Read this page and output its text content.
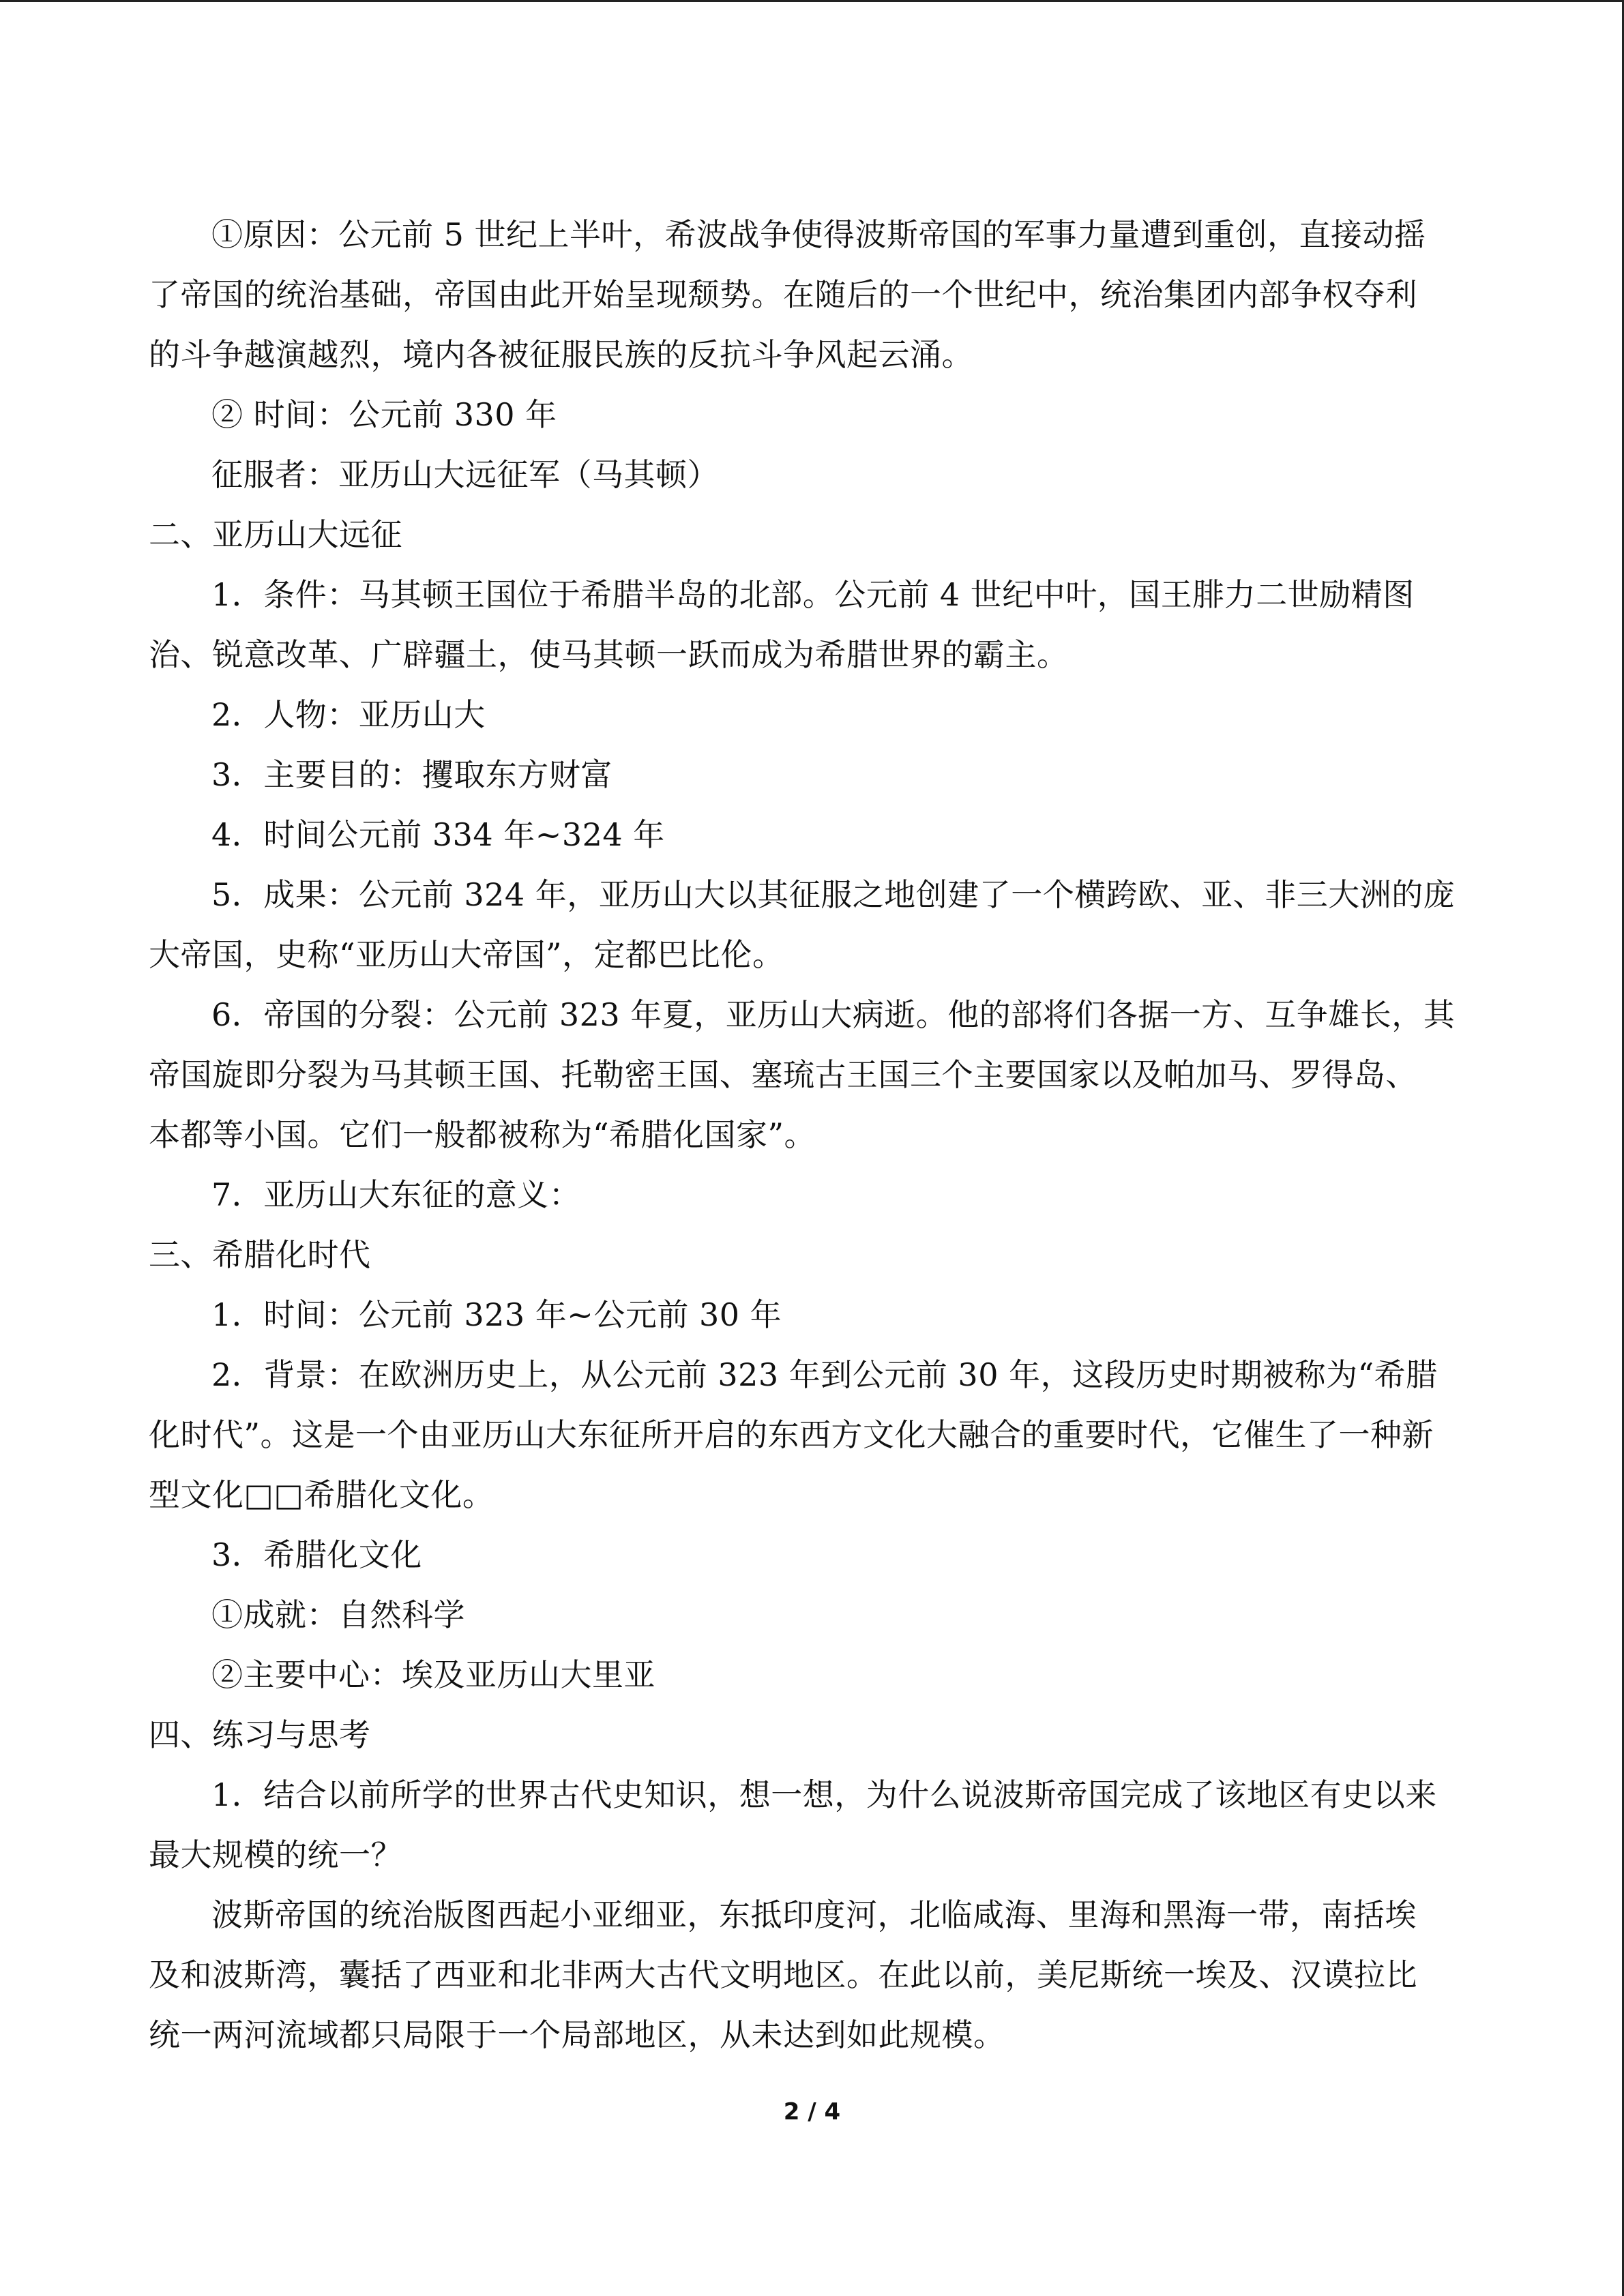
①原因：公元前 5 世纪上半叶，希波战争使得波斯帝国的军事力量遭到重创，直接动摇
了帝国的统治基础，帝国由此开始呈现颓势。在随后的一个世纪中，统治集团内部争权夺利
的斗争越演越烈，境内各被征服民族的反抗斗争风起云涌。
② 时间：公元前 330 年
征服者：亚历山大远征军（马其顿）
二、亚历山大远征
1．条件：马其顿王国位于希腊半岛的北部。公元前 4 世纪中叶，国王腓力二世励精图
治、锐意改革、广辟疆土，使马其顿一跃而成为希腊世界的霸主。
2．人物：亚历山大
3．主要目的：攫取东方财富
4．时间公元前 334 年~324 年
5．成果：公元前 324 年，亚历山大以其征服之地创建了一个横跨欧、亚、非三大洲的庞
大帝国，史称“亚历山大帝国”，定都巴比伦。
6．帝国的分裂：公元前 323 年夏，亚历山大病逝。他的部将们各据一方、互争雄长，其
帝国旋即分裂为马其顿王国、托勒密王国、塞琉古王国三个主要国家以及帕加马、罗得岛、
本都等小国。它们一般都被称为“希腊化国家”。
7．亚历山大东征的意义：
三、希腊化时代
1．时间：公元前 323 年~公元前 30 年
2．背景：在欧洲历史上，从公元前 323 年到公元前 30 年，这段历史时期被称为“希腊
化时代”。这是一个由亚历山大东征所开启的东西方文化大融合的重要时代，它催生了一种新
型文化□□希腊化文化。
3．希腊化文化
①成就：自然科学
②主要中心：埃及亚历山大里亚
四、练习与思考
1．结合以前所学的世界古代史知识，想一想，为什么说波斯帝国完成了该地区有史以来
最大规模的统一？
波斯帝国的统治版图西起小亚细亚，东抵印度河，北临咸海、里海和黑海一带，南括埃
及和波斯湾，囊括了西亚和北非两大古代文明地区。在此以前，美尼斯统一埃及、汉谟拉比
统一两河流域都只局限于一个局部地区，从未达到如此规模。
2 / 4
